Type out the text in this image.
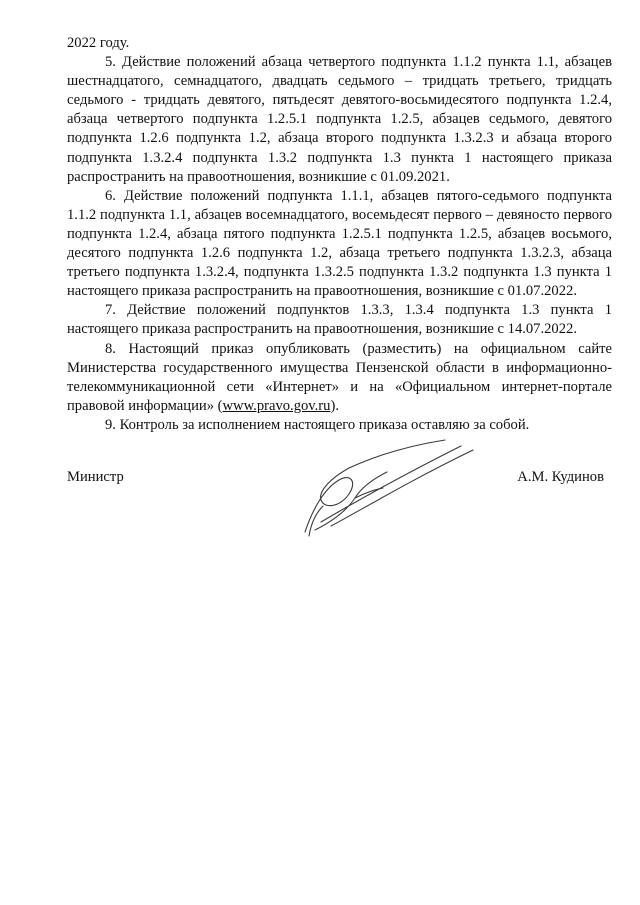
2022 году.

5. Действие положений абзаца четвертого подпункта 1.1.2 пункта 1.1, абзацев шестнадцатого, семнадцатого, двадцать седьмого – тридцать третьего, тридцать седьмого - тридцать девятого, пятьдесят девятого-восьмидесятого подпункта 1.2.4, абзаца четвертого подпункта 1.2.5.1 подпункта 1.2.5, абзацев седьмого, девятого подпункта 1.2.6 подпункта 1.2, абзаца второго подпункта 1.3.2.3 и абзаца второго подпункта 1.3.2.4 подпункта 1.3.2 подпункта 1.3 пункта 1 настоящего приказа распространить на правоотношения, возникшие с 01.09.2021.

6. Действие положений подпункта 1.1.1, абзацев пятого-седьмого подпункта 1.1.2 подпункта 1.1, абзацев восемнадцатого, восемьдесят первого – девяносто первого подпункта 1.2.4, абзаца пятого подпункта 1.2.5.1 подпункта 1.2.5, абзацев восьмого, десятого подпункта 1.2.6 подпункта 1.2, абзаца третьего подпункта 1.3.2.3, абзаца третьего подпункта 1.3.2.4, подпункта 1.3.2.5 подпункта 1.3.2 подпункта 1.3 пункта 1 настоящего приказа распространить на правоотношения, возникшие с 01.07.2022.

7. Действие положений подпунктов 1.3.3, 1.3.4 подпункта 1.3 пункта 1 настоящего приказа распространить на правоотношения, возникшие с 14.07.2022.

8. Настоящий приказ опубликовать (разместить) на официальном сайте Министерства государственного имущества Пензенской области в информационно-телекоммуникационной сети «Интернет» и на «Официальном интернет-портале правовой информации» (www.pravo.gov.ru).

9. Контроль за исполнением настоящего приказа оставляю за собой.

Министр	А.М. Кудинов
